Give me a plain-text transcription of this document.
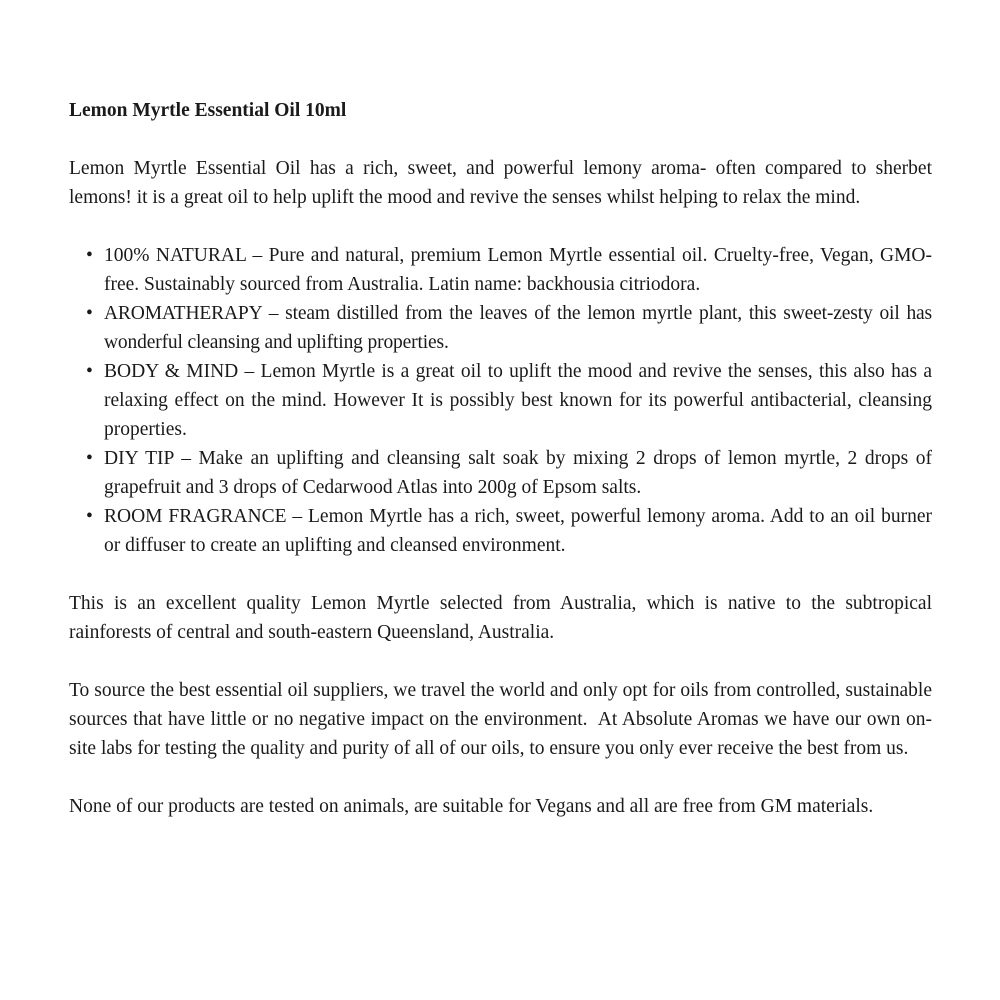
Lemon Myrtle Essential Oil 10ml

Lemon Myrtle Essential Oil has a rich, sweet, and powerful lemony aroma- often compared to sherbet lemons! it is a great oil to help uplift the mood and revive the senses whilst helping to relax the mind.

• 100% NATURAL – Pure and natural, premium Lemon Myrtle essential oil. Cruelty-free, Vegan, GMO-free. Sustainably sourced from Australia. Latin name: backhousia citriodora.
• AROMATHERAPY – steam distilled from the leaves of the lemon myrtle plant, this sweet-zesty oil has wonderful cleansing and uplifting properties.
• BODY & MIND – Lemon Myrtle is a great oil to uplift the mood and revive the senses, this also has a relaxing effect on the mind. However It is possibly best known for its powerful antibacterial, cleansing properties.
• DIY TIP – Make an uplifting and cleansing salt soak by mixing 2 drops of lemon myrtle, 2 drops of grapefruit and 3 drops of Cedarwood Atlas into 200g of Epsom salts.
• ROOM FRAGRANCE – Lemon Myrtle has a rich, sweet, powerful lemony aroma. Add to an oil burner or diffuser to create an uplifting and cleansed environment.

This is an excellent quality Lemon Myrtle selected from Australia, which is native to the subtropical rainforests of central and south-eastern Queensland, Australia.

To source the best essential oil suppliers, we travel the world and only opt for oils from controlled, sustainable sources that have little or no negative impact on the environment.  At Absolute Aromas we have our own on-site labs for testing the quality and purity of all of our oils, to ensure you only ever receive the best from us.

None of our products are tested on animals, are suitable for Vegans and all are free from GM materials.
